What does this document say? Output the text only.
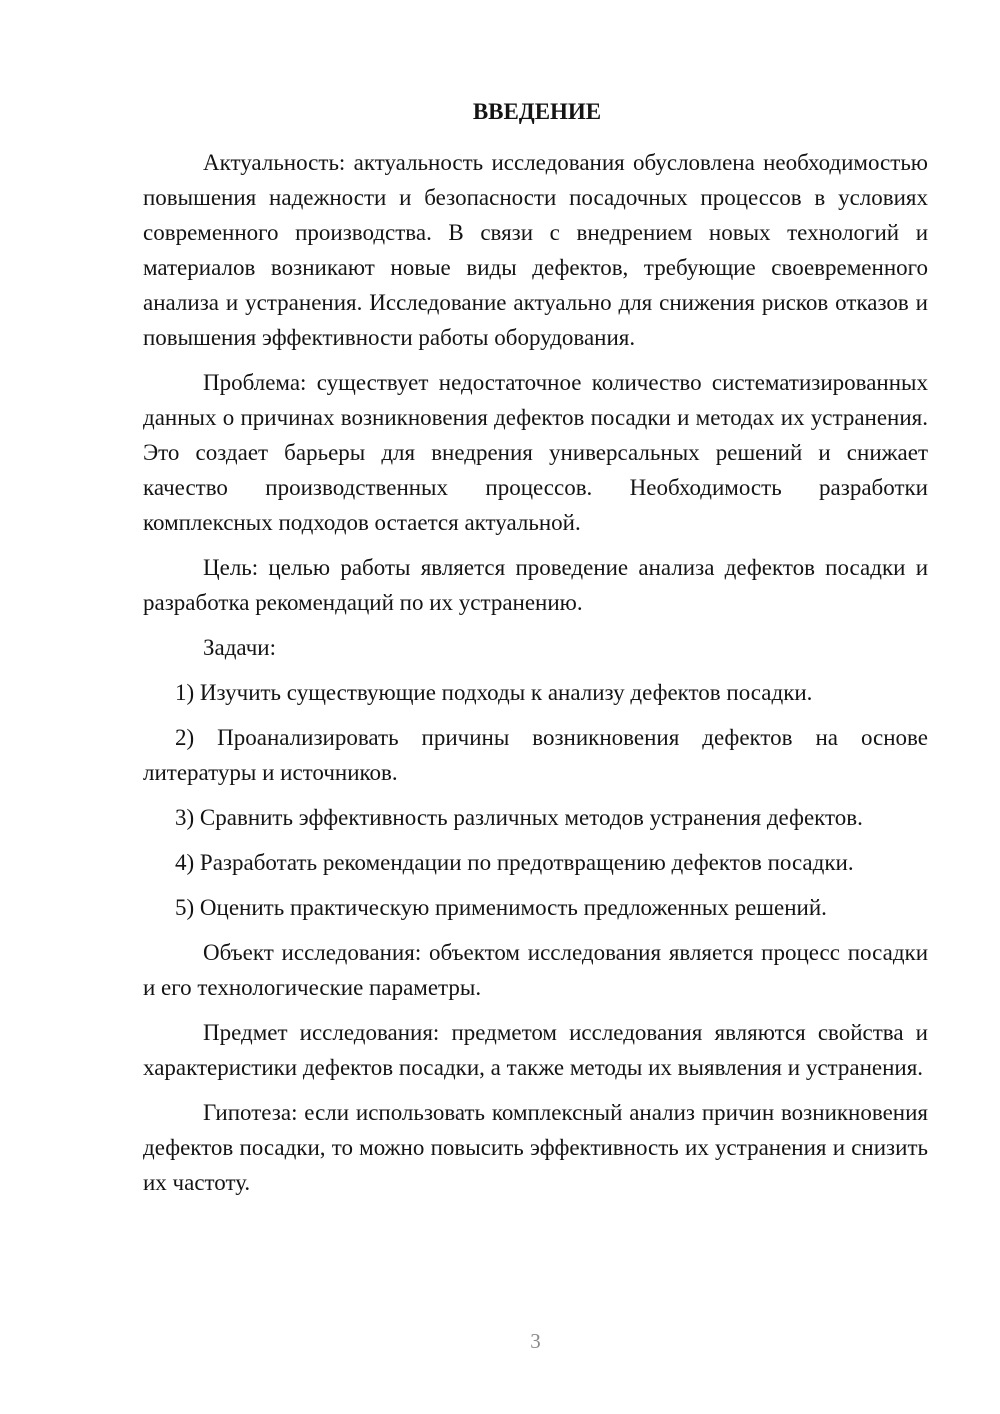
ВВЕДЕНИЕ

Актуальность: актуальность исследования обусловлена необходимостью повышения надежности и безопасности посадочных процессов в условиях современного производства. В связи с внедрением новых технологий и материалов возникают новые виды дефектов, требующие своевременного анализа и устранения. Исследование актуально для снижения рисков отказов и повышения эффективности работы оборудования.

Проблема: существует недостаточное количество систематизированных данных о причинах возникновения дефектов посадки и методах их устранения. Это создает барьеры для внедрения универсальных решений и снижает качество производственных процессов. Необходимость разработки комплексных подходов остается актуальной.

Цель: целью работы является проведение анализа дефектов посадки и разработка рекомендаций по их устранению.

Задачи:

1) Изучить существующие подходы к анализу дефектов посадки.

2) Проанализировать причины возникновения дефектов на основе литературы и источников.

3) Сравнить эффективность различных методов устранения дефектов.

4) Разработать рекомендации по предотвращению дефектов посадки.

5) Оценить практическую применимость предложенных решений.

Объект исследования: объектом исследования является процесс посадки и его технологические параметры.

Предмет исследования: предметом исследования являются свойства и характеристики дефектов посадки, а также методы их выявления и устранения.

Гипотеза: если использовать комплексный анализ причин возникновения дефектов посадки, то можно повысить эффективность их устранения и снизить их частоту.

3
